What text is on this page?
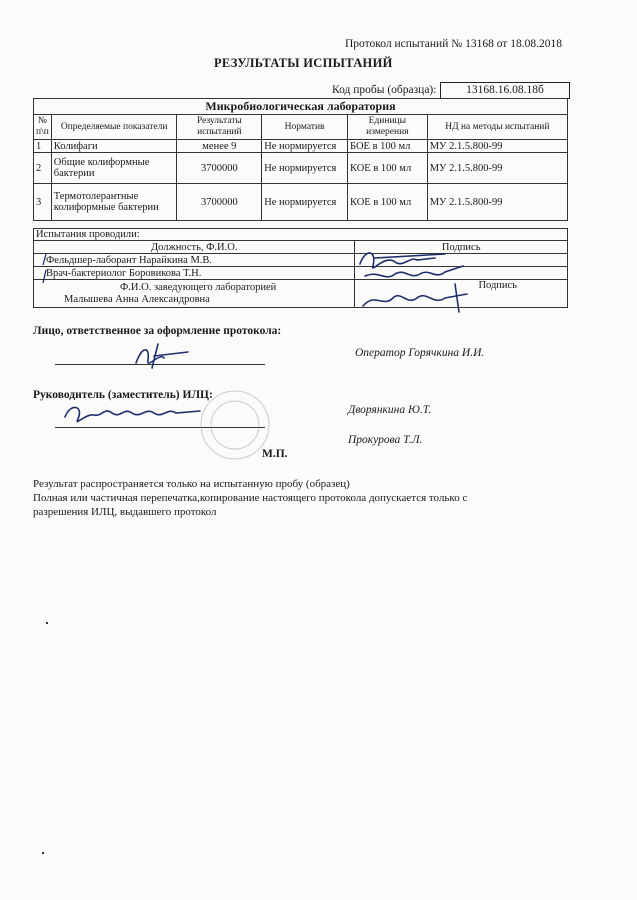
Протокол испытаний № 13168 от 18.08.2018
РЕЗУЛЬТАТЫ ИСПЫТАНИЙ
Код пробы (образца):	13168.16.08.18б
Микробиологическая лаборатория					
№ п\п	Определяемые показатели	Результаты испытаний	Норматив	Единицы измерения	НД на методы испытаний
1	Колифаги	менее 9	Не нормируется	БОЕ в 100 мл	МУ 2.1.5.800-99
2	Общие колиформные бактерии	3700000	Не нормируется	КОЕ в 100 мл	МУ 2.1.5.800-99
3	Термотолерантные колиформные бактерии	3700000	Не нормируется	КОЕ в 100 мл	МУ 2.1.5.800-99
Испытания проводили:	
Должность, Ф.И.О.	Подпись
Фельдшер-лаборант Нарайкина М.В.	
Врач-бактериолог Боровикова Т.Н.	

Ф.И.О. заведующего лабораторией
Малышева Анна Александровна	Подпись
Лицо, ответственное за оформление протокола:
Оператор Горячкина И.И.
Руководитель (заместитель) ИЛЦ:
Дворянкина Ю.Т.
Прокурова Т.Л.
М.П.
Результат распространяется только на испытанную пробу (образец)
Полная или частичная перепечатка,копирование настоящего протокола допускается только с
разрешения ИЛЦ, выдавшего протокол
